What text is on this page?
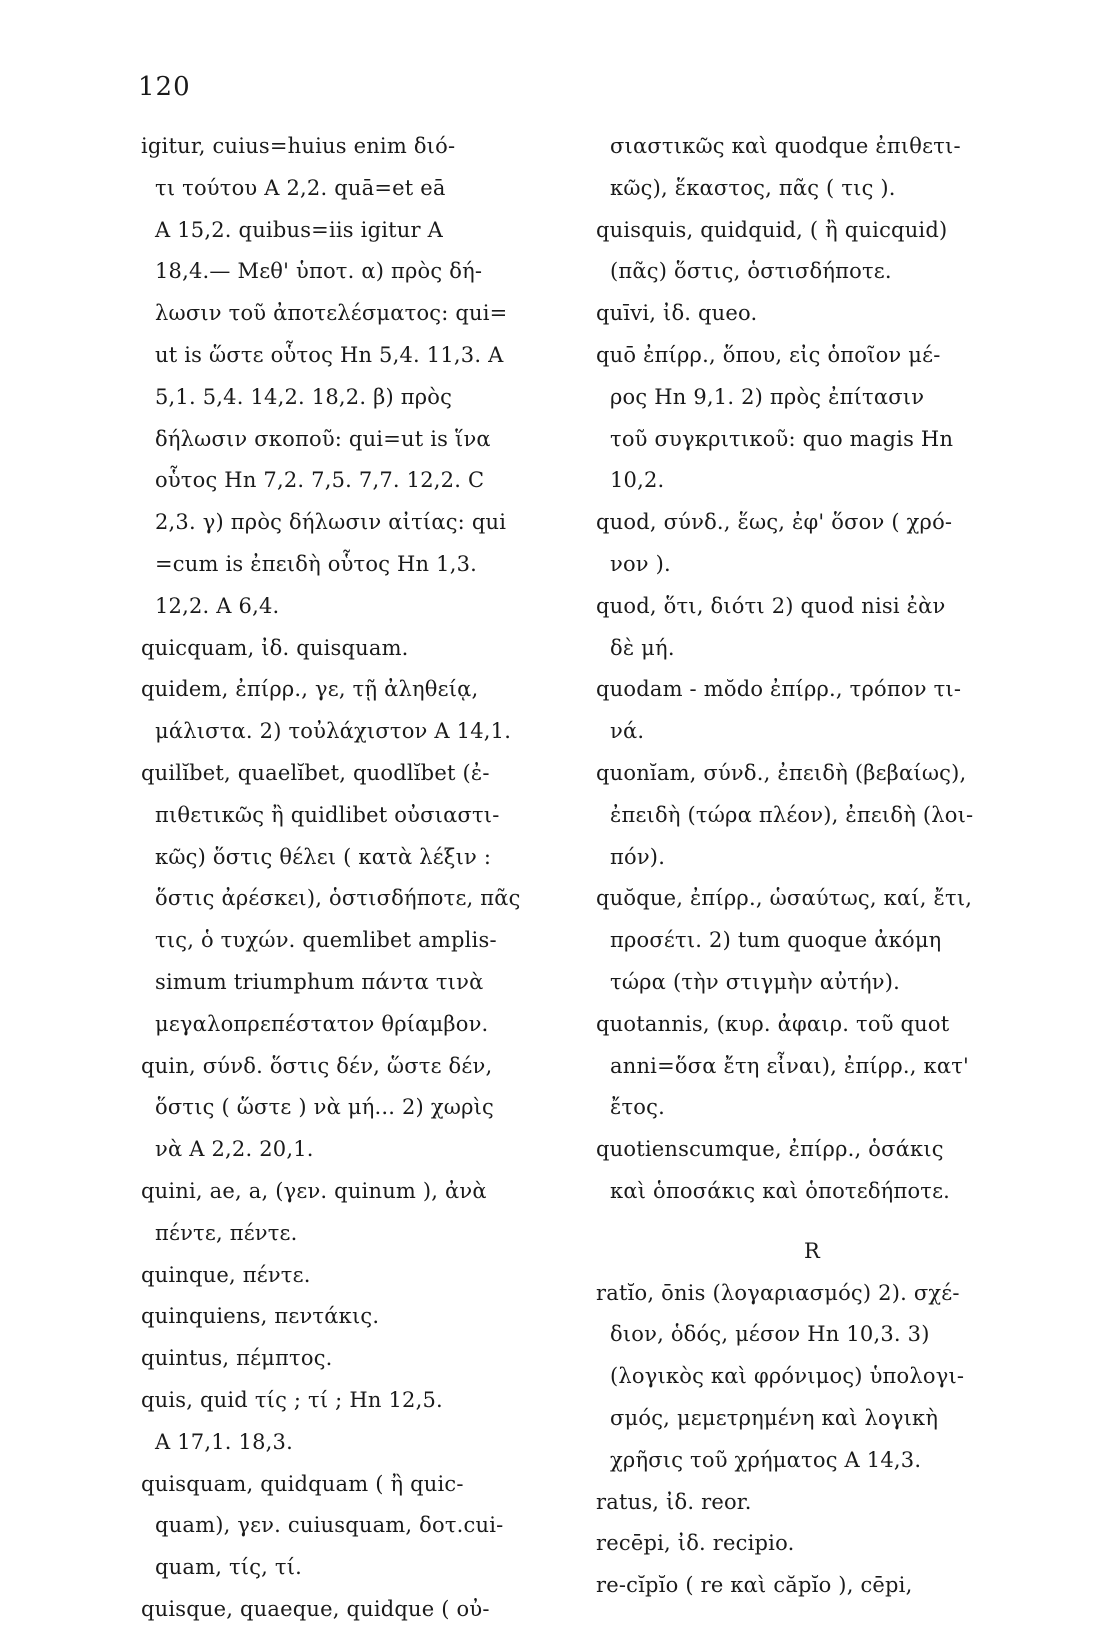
120
igitur, cuius=huius enim διό-
τι τούτου A 2,2. quā=et eā
A 15,2. quibus=iis igitur A
18,4.— Μεθ' ὑποτ. α) πρὸς δή-
λωσιν τοῦ ἀποτελέσματος: qui=
ut is ὥστε οὗτος Hn 5,4. 11,3. A
5,1. 5,4. 14,2. 18,2. β) πρὸς
δήλωσιν σκοποῦ: qui=ut is ἵνα
οὗτος Hn 7,2. 7,5. 7,7. 12,2. C
2,3. γ) πρὸς δήλωσιν αἰτίας: qui
=cum is ἐπειδὴ οὗτος Hn 1,3.
12,2. A 6,4.
quicquam, ἰδ. quisquam.
quidem, ἐπίρρ., γε, τῇ ἀληθείᾳ,
μάλιστα. 2) τοὐλάχιστον A 14,1.
quilĭbet, quaelĭbet, quodlĭbet (ἐ-
πιθετικῶς ἢ quidlibet οὐσιαστι-
κῶς) ὅστις θέλει ( κατὰ λέξιν :
ὅστις ἀρέσκει), ὁστισδήποτε, πᾶς
τις, ὁ τυχών. quemlibet amplis-
simum triumphum πάντα τινὰ
μεγαλοπρεπέστατον θρίαμβον.
quin, σύνδ. ὅστις δέν, ὥστε δέν,
ὅστις ( ὥστε ) νὰ μή... 2) χωρὶς
νὰ A 2,2. 20,1.
quini, ae, a, (γεν. quinum ), ἀνὰ
πέντε, πέντε.
quinque, πέντε.
quinquiens, πεντάκις.
quintus, πέμπτος.
quis, quid τίς ; τί ; Hn 12,5.
A 17,1. 18,3.
quisquam, quidquam ( ἢ quic-
quam), γεν. cuiusquam, δοτ.cui-
quam, τίς, τί.
quisque, quaeque, quidque ( οὐ-
σιαστικῶς καὶ quodque ἐπιθετι-
κῶς), ἕκαστος, πᾶς ( τις ).
quisquis, quidquid, ( ἢ quicquid)
(πᾶς) ὅστις, ὁστισδήποτε.
quīvi, ἰδ. queo.
quō ἐπίρρ., ὅπου, εἰς ὁποῖον μέ-
ρος Hn 9,1. 2) πρὸς ἐπίτασιν
τοῦ συγκριτικοῦ: quo magis Hn
10,2.
quod, σύνδ., ἕως, ἐφ' ὅσον ( χρό-
νον ).
quod, ὅτι, διότι 2) quod nisi ἐὰν
δὲ μή.
quodam - mŏdo ἐπίρρ., τρόπον τι-
νά.
quonĭam, σύνδ., ἐπειδὴ (βεβαίως),
ἐπειδὴ (τώρα πλέον), ἐπειδὴ (λοι-
πόν).
quŏque, ἐπίρρ., ὡσαύτως, καί, ἔτι,
προσέτι. 2) tum quoque ἀκόμη
τώρα (τὴν στιγμὴν αὐτήν).
quotannis, (κυρ. ἀφαιρ. τοῦ quot
anni=ὅσα ἔτη εἶναι), ἐπίρρ., κατ'
ἔτος.
quotienscumque, ἐπίρρ., ὁσάκις
καὶ ὁποσάκις καὶ ὁποτεδήποτε.
R
ratĭo, ōnis (λογαριασμός) 2). σχέ-
διον, ὁδός, μέσον Hn 10,3. 3)
(λογικὸς καὶ φρόνιμος) ὑπολογι-
σμός, μεμετρημένη καὶ λογικὴ
χρῆσις τοῦ χρήματος A 14,3.
ratus, ἰδ. reor.
recēpi, ἰδ. recipio.
re-cĭpĭo ( re καὶ căpĭo ), cēpi,
